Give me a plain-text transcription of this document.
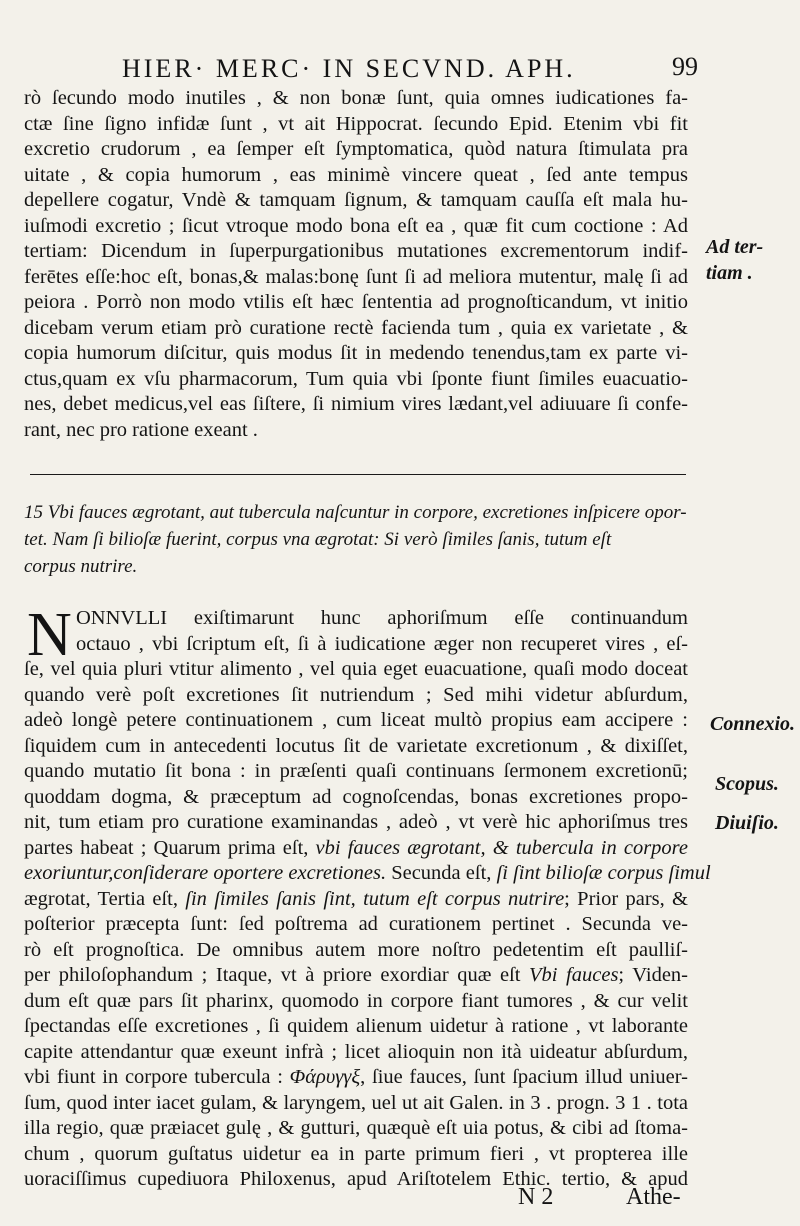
HIER· MERC· IN SECVND. APH.	99
rò ſecundo modo inutiles , & non bonæ ſunt, quia omnes iudicationes fa-
ctæ ſine ſigno infidæ ſunt , vt ait Hippocrat. ſecundo Epid. Etenim vbi fit
excretio crudorum , ea ſemper eſt ſymptomatica, quòd natura ſtimulata pra
uitate , & copia humorum , eas minimè vincere queat , ſed ante tempus
depellere cogatur, Vndè & tamquam ſignum, & tamquam cauſſa eſt mala hu-
iuſmodi excretio ; ſicut vtroque modo bona eſt ea , quæ fit cum coctione : Ad
tertiam: Dicendum in ſuperpurgationibus mutationes excrementorum indif-
ferētes eſſe:hoc eſt, bonas,& malas:bonę ſunt ſi ad meliora mutentur, malę ſi ad
peiora . Porrò non modo vtilis eſt hæc ſententia ad prognoſticandum, vt initio
dicebam verum etiam prò curatione rectè facienda tum , quia ex varietate , &
copia humorum diſcitur, quis modus ſit in medendo tenendus,tam ex parte vi-
ctus,quam ex vſu pharmacorum, Tum quia vbi ſponte fiunt ſimiles euacuatio-
nes, debet medicus,vel eas ſiſtere, ſi nimium vires lædant,vel adiuuare ſi confe-
rant, nec pro ratione exeant .
Ad ter-
tiam .
15 Vbi fauces ægrotant, aut tubercula naſcuntur in corpore, excretiones inſpicere opor-
tet. Nam ſi bilioſæ fuerint, corpus vna ægrotat: Si verò ſimiles ſanis, tutum eſt
corpus nutrire.
N ONNVLLI exiſtimarunt hunc aphoriſmum eſſe continuandum
octauo , vbi ſcriptum eſt, ſi à iudicatione æger non recuperet vires , eſ-
ſe, vel quia pluri vtitur alimento , vel quia eget euacuatione, quaſi modo doceat
quando verè poſt excretiones ſit nutriendum ; Sed mihi videtur abſurdum,
adeò longè petere continuationem , cum liceat multò propius eam accipere :
ſiquidem cum in antecedenti locutus ſit de varietate excretionum , & dixiſſet,
quando mutatio ſit bona : in præſenti quaſi continuans ſermonem excretionū;
quoddam dogma, & præceptum ad cognoſcendas, bonas excretiones propo-
nit, tum etiam pro curatione examinandas , adeò , vt verè hic aphoriſmus tres
partes habeat ; Quarum prima eſt, vbi fauces ægrotant, & tubercula in corpore
exoriuntur,conſiderare oportere excretiones. Secunda eſt, ſi ſint bilioſæ corpus ſimul
ægrotat, Tertia eſt, ſin ſimiles ſanis ſint, tutum eſt corpus nutrire; Prior pars, &
poſterior præcepta ſunt: ſed poſtrema ad curationem pertinet . Secunda ve-
rò eſt prognoſtica. De omnibus autem more noſtro pedetentim eſt paulliſ-
per philoſophandum ; Itaque, vt à priore exordiar quæ eſt Vbi fauces; Viden-
dum eſt quæ pars ſit pharinx, quomodo in corpore fiant tumores , & cur velit
ſpectandas eſſe excretiones , ſi quidem alienum uidetur à ratione , vt laborante
capite attendantur quæ exeunt infrà ; licet alioquin non ità uideatur abſurdum,
vbi fiunt in corpore tubercula : Φάρυγγξ, ſiue fauces, ſunt ſpacium illud uniuer-
ſum, quod inter iacet gulam, & laryngem, uel ut ait Galen. in 3 . progn. 3 1 . tota
illa regio, quæ præiacet gulę , & gutturi, quæquè eſt uia potus, & cibi ad ſtoma-
chum , quorum guſtatus uidetur ea in parte primum fieri , vt propterea ille
uoraciſſimus cupediuora Philoxenus, apud Ariſtotelem Ethic. tertio, & apud
Connexio.
Scopus.
Diuiſio.
N 2	Athe-
